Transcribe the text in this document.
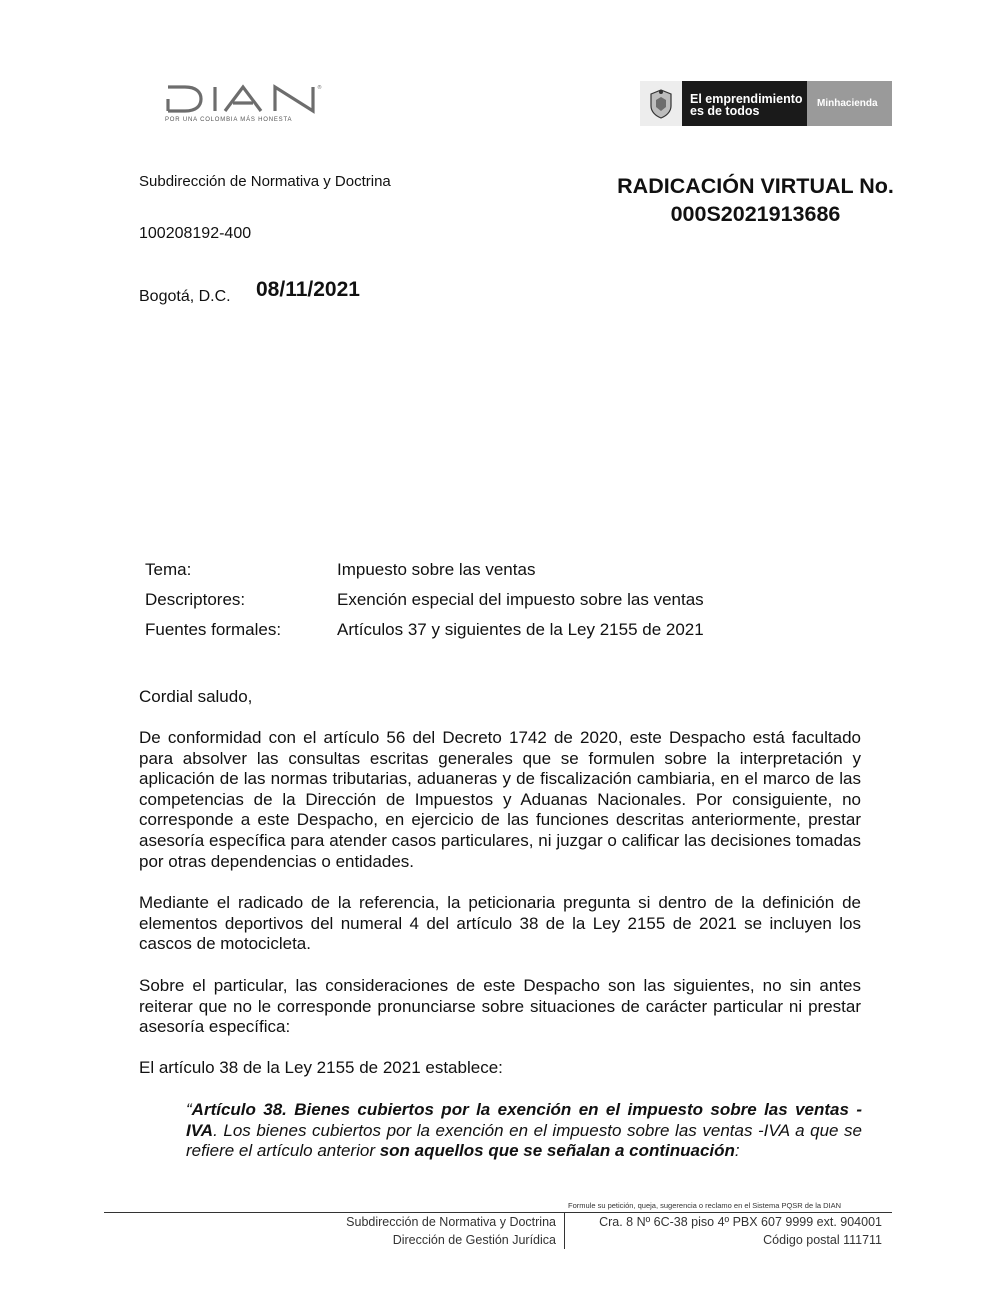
®
POR UNA COLOMBIA MÁS HONESTA
El emprendimiento
es de todos
Minhacienda
Subdirección de Normativa y Doctrina	RADICACIÓN VIRTUAL No.
000S2021913686
100208192-400
Bogotá, D.C. 08/11/2021
Tema:	Impuesto sobre las ventas
Descriptores:	Exención especial del impuesto sobre las ventas
Fuentes formales:	Artículos 37 y siguientes de la Ley 2155 de 2021
Cordial saludo,
De conformidad con el artículo 56 del Decreto 1742 de 2020, este Despacho está facultado para absolver las consultas escritas generales que se formulen sobre la interpretación y aplicación de las normas tributarias, aduaneras y de fiscalización cambiaria, en el marco de las competencias de la Dirección de Impuestos y Aduanas Nacionales. Por consiguiente, no corresponde a este Despacho, en ejercicio de las funciones descritas anteriormente, prestar asesoría específica para atender casos particulares, ni juzgar o calificar las decisiones tomadas por otras dependencias o entidades.
Mediante el radicado de la referencia, la peticionaria pregunta si dentro de la definición de elementos deportivos del numeral 4 del artículo 38 de la Ley 2155 de 2021 se incluyen los cascos de motocicleta.
Sobre el particular, las consideraciones de este Despacho son las siguientes, no sin antes reiterar que no le corresponde pronunciarse sobre situaciones de carácter particular ni prestar asesoría específica:
El artículo 38 de la Ley 2155 de 2021 establece:
“Artículo 38. Bienes cubiertos por la exención en el impuesto sobre las ventas - IVA. Los bienes cubiertos por la exención en el impuesto sobre las ventas -IVA a que se refiere el artículo anterior son aquellos que se señalan a continuación:
Formule su petición, queja, sugerencia o reclamo en el Sistema PQSR de la DIAN
Subdirección de Normativa y Doctrina
Dirección de Gestión Jurídica
Cra. 8 Nº 6C-38 piso 4º PBX 607 9999 ext. 904001
Código postal 111711
